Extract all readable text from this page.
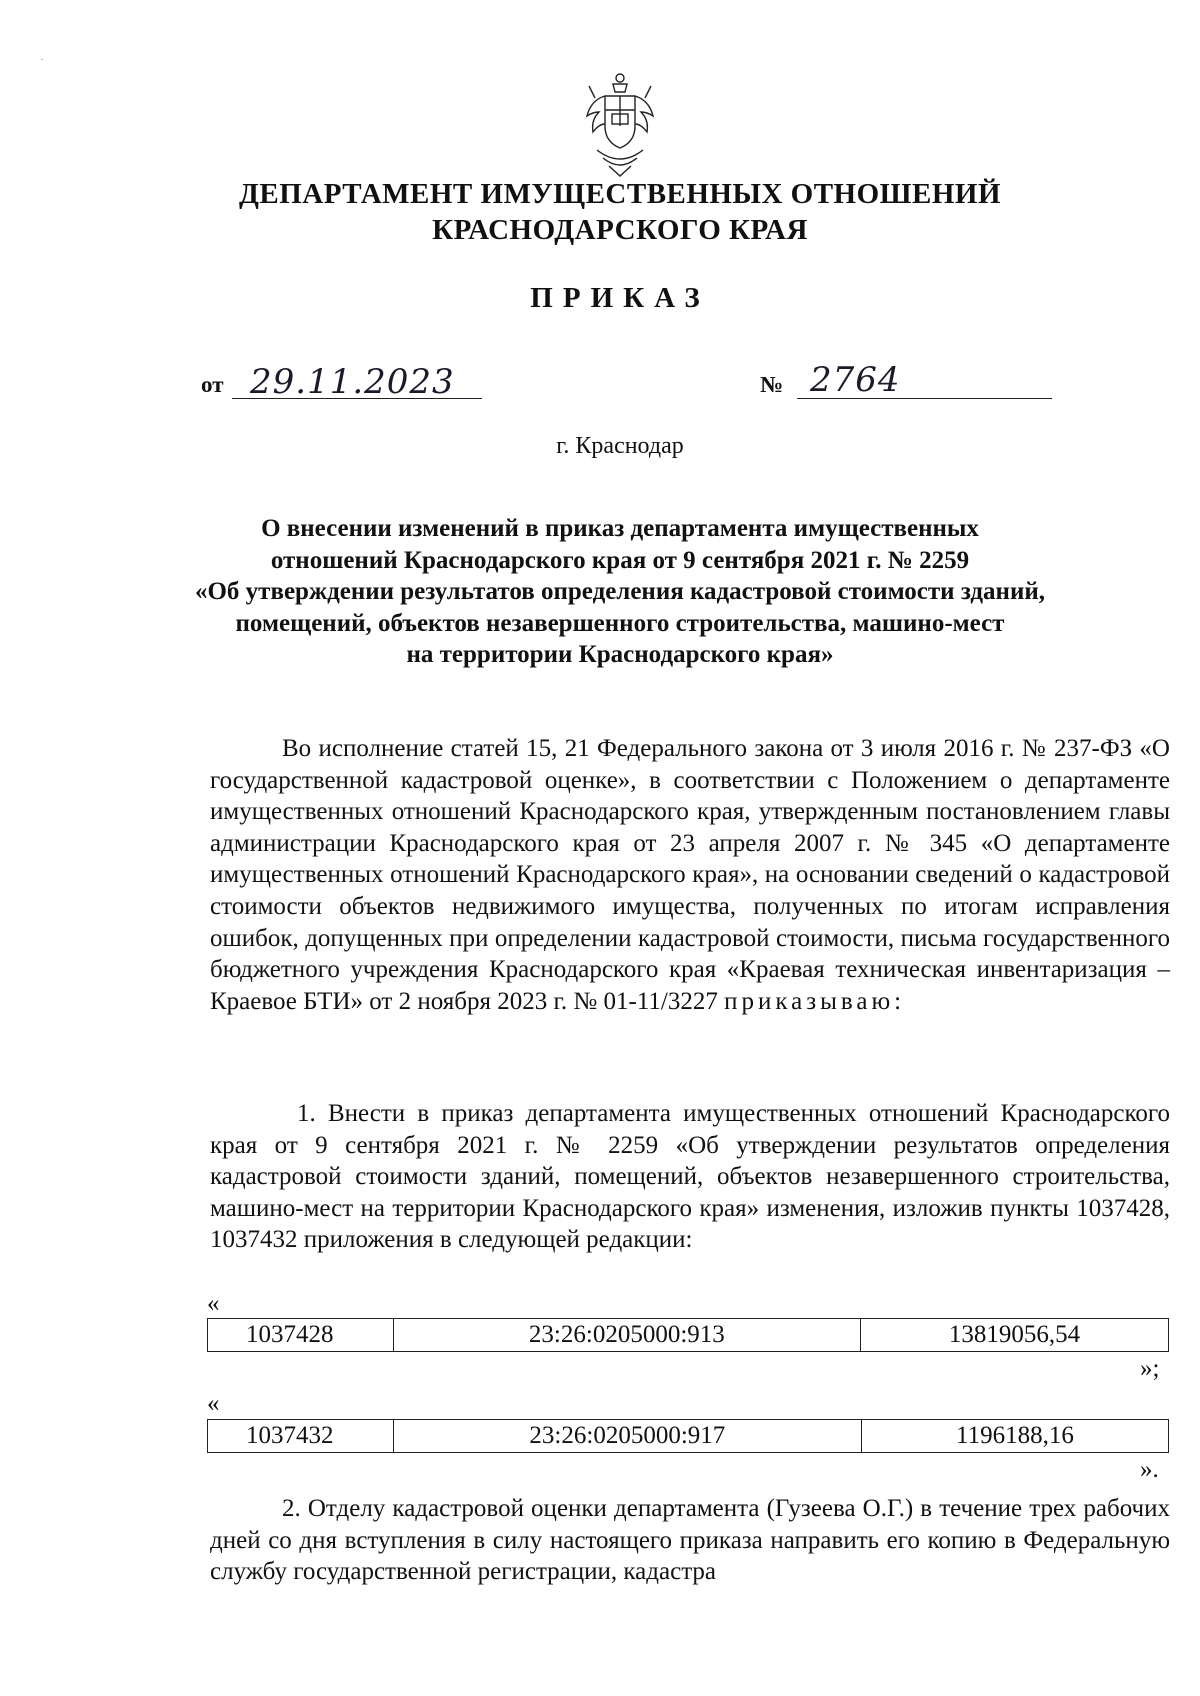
·
ДЕПАРТАМЕНТ ИМУЩЕСТВЕННЫХ ОТНОШЕНИЙ
КРАСНОДАРСКОГО КРАЯ
ПРИКАЗ
от 29.11.2023	№ 2764
г. Краснодар
О внесении изменений в приказ департамента имущественных
отношений Краснодарского края от 9 сентября 2021 г. № 2259
«Об утверждении результатов определения кадастровой стоимости зданий,
помещений, объектов незавершенного строительства, машино-мест
на территории Краснодарского края»
Во исполнение статей 15, 21 Федерального закона от 3 июля 2016 г. № 237-ФЗ «О государственной кадастровой оценке», в соответствии с Положением о департаменте имущественных отношений Краснодарского края, утвержденным постановлением главы администрации Краснодарского края от 23 апреля 2007 г. № 345 «О департаменте имущественных отношений Краснодарского края», на основании сведений о кадастровой стоимости объектов недвижимого имущества, полученных по итогам исправления ошибок, допущенных при определении кадастровой стоимости, письма государственного бюджетного учреждения Краснодарского края «Краевая техническая инвентаризация – Краевое БТИ» от 2 ноября 2023 г. № 01-11/3227 приказываю:
1. Внести в приказ департамента имущественных отношений Краснодарского края от 9 сентября 2021 г. № 2259 «Об утверждении результатов определения кадастровой стоимости зданий, помещений, объектов незавершенного строительства, машино-мест на территории Краснодарского края» изменения, изложив пункты 1037428, 1037432 приложения в следующей редакции:
«
1037428	23:26:0205000:913	13819056,54
»;
«
1037432	23:26:0205000:917	1196188,16
».
2. Отделу кадастровой оценки департамента (Гузеева О.Г.) в течение трех рабочих дней со дня вступления в силу настоящего приказа направить его копию в Федеральную службу государственной регистрации, кадастра
